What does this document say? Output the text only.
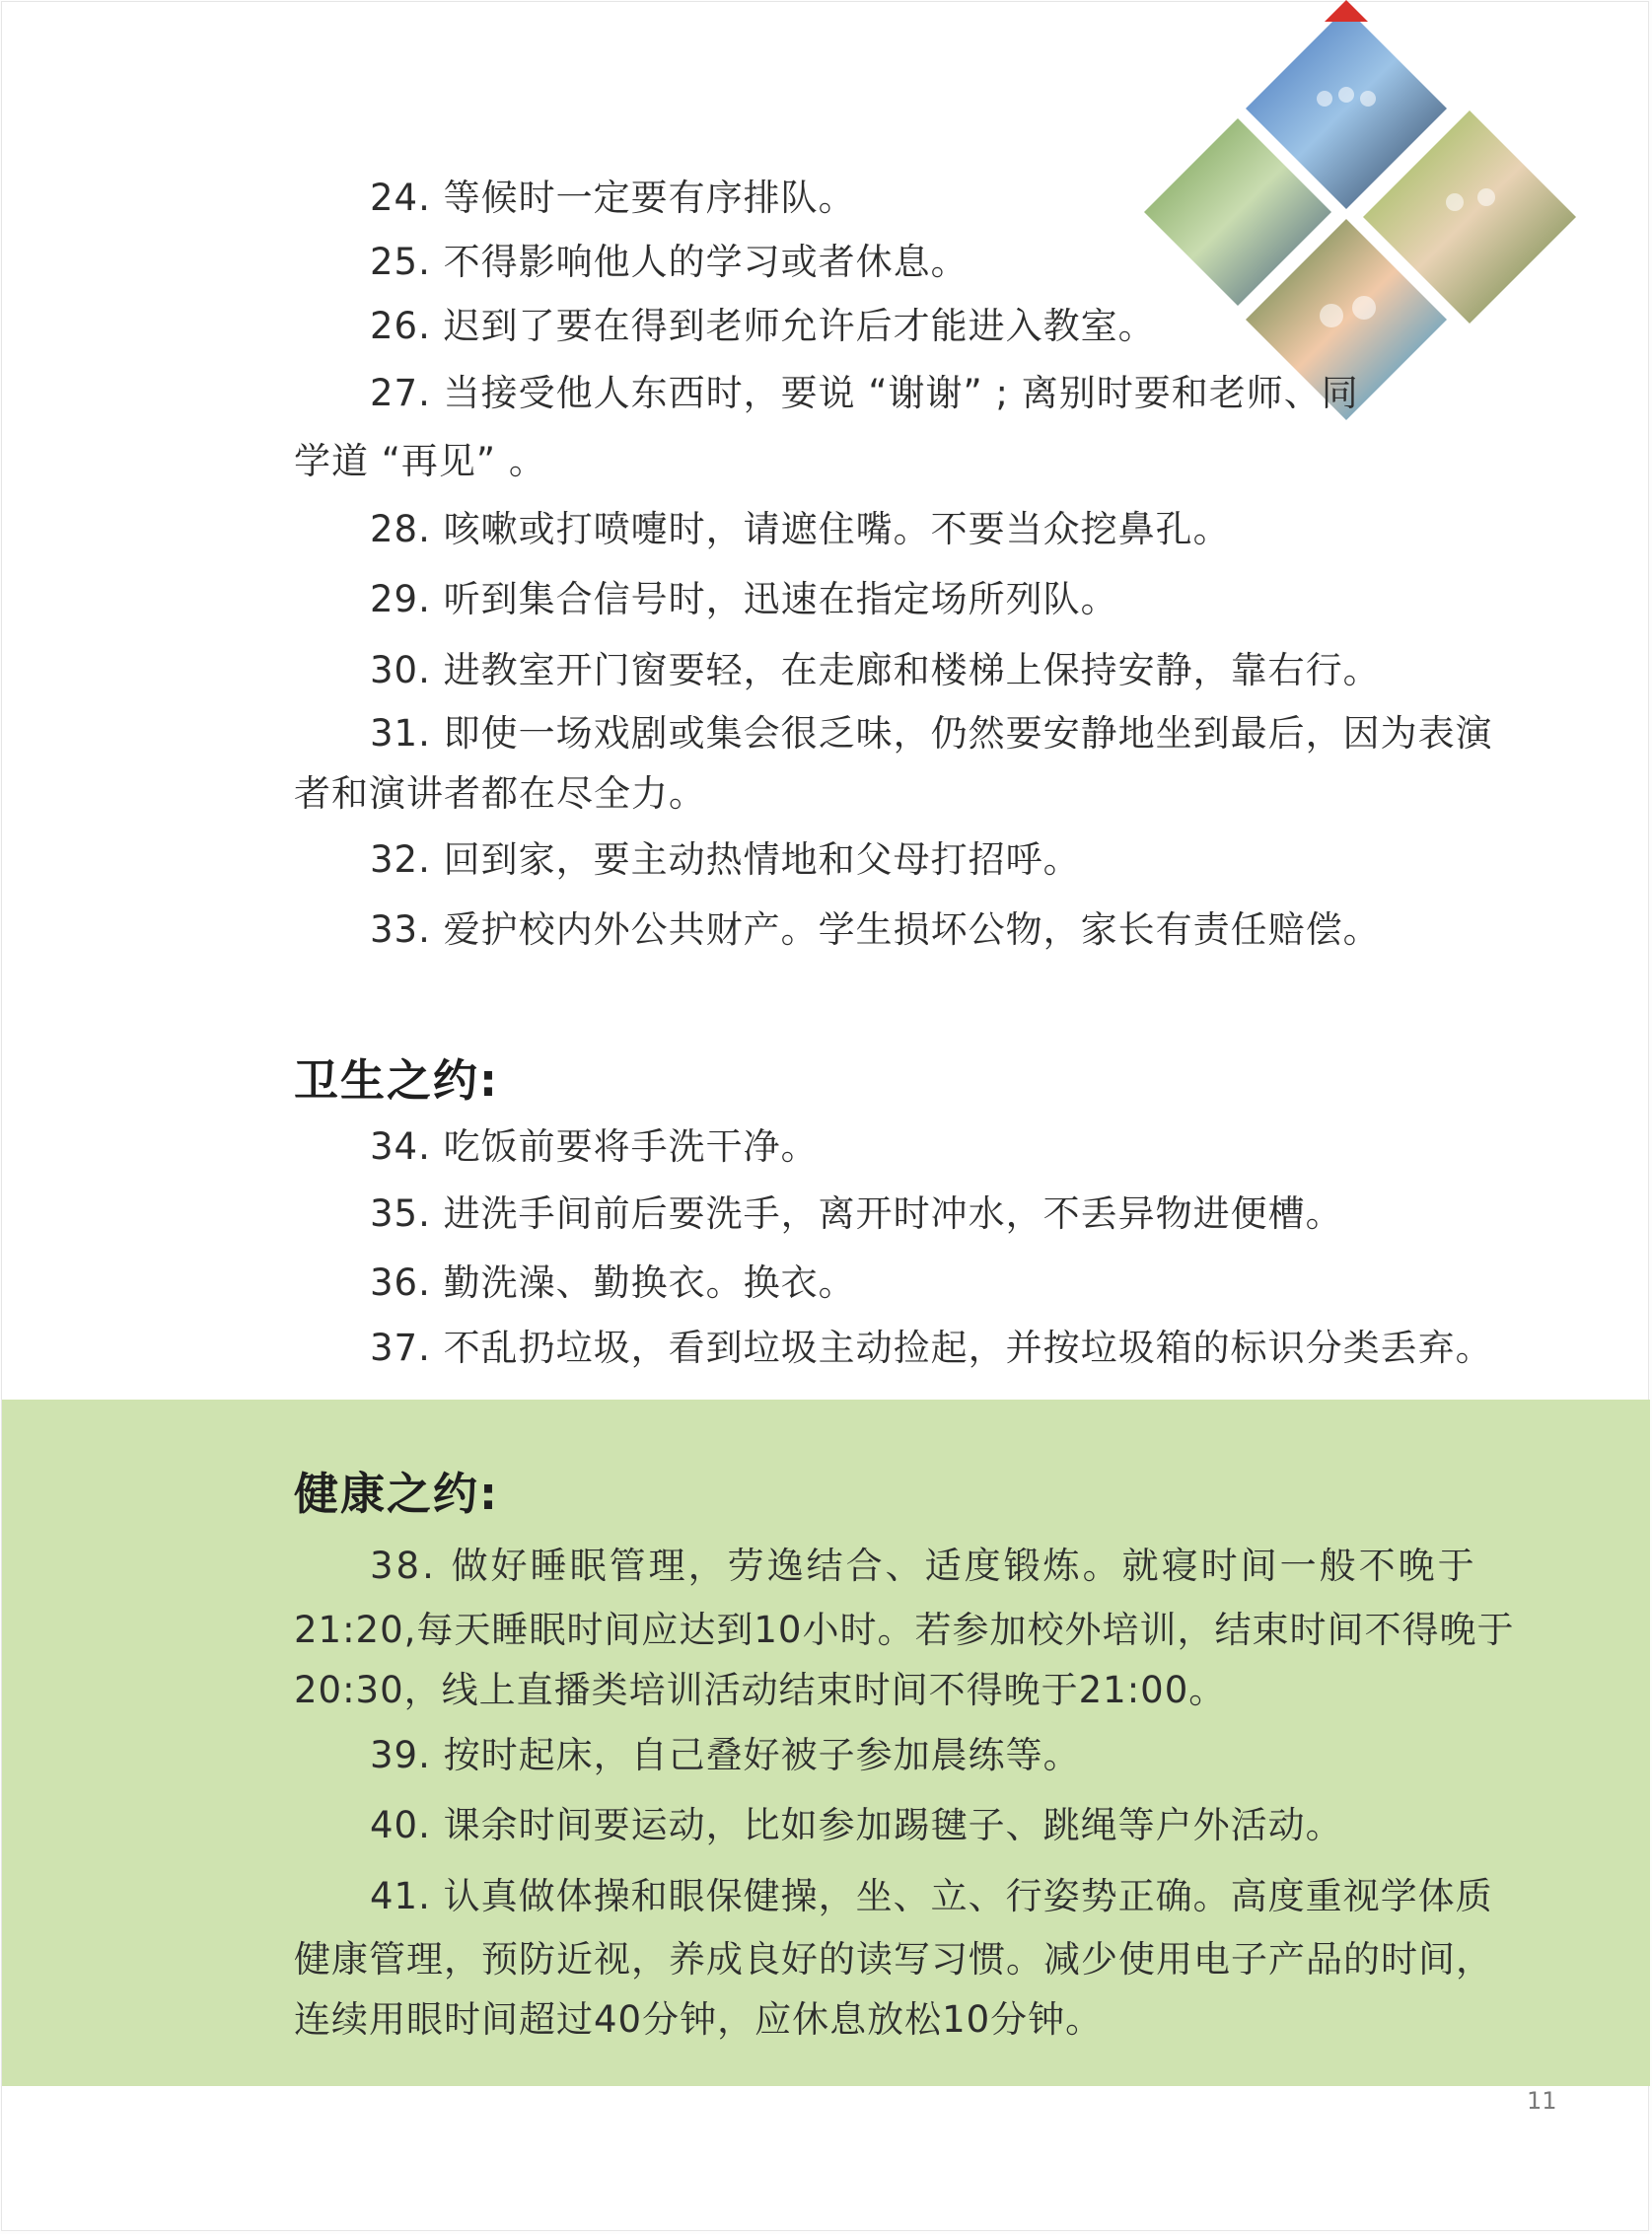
24. 等候时一定要有序排队。
25. 不得影响他人的学习或者休息。
26. 迟到了要在得到老师允许后才能进入教室。
27. 当接受他人东西时，要说 “谢谢” ; 离别时要和老师、同
学道 “再见” 。
28. 咳嗽或打喷嚏时，请遮住嘴。不要当众挖鼻孔。
29. 听到集合信号时，迅速在指定场所列队。
30. 进教室开门窗要轻，在走廊和楼梯上保持安静，靠右行。
31. 即使一场戏剧或集会很乏味，仍然要安静地坐到最后，因为表演
者和演讲者都在尽全力。
32. 回到家，要主动热情地和父母打招呼。
33. 爱护校内外公共财产。学生损坏公物，家长有责任赔偿。
卫生之约:
34. 吃饭前要将手洗干净。
35. 进洗手间前后要洗手，离开时冲水，不丢异物进便槽。
36. 勤洗澡、勤换衣。换衣。
37. 不乱扔垃圾，看到垃圾主动捡起，并按垃圾箱的标识分类丢弃。
健康之约:
38. 做好睡眠管理，劳逸结合、适度锻炼。就寝时间一般不晚于
21:20,每天睡眠时间应达到10小时。若参加校外培训，结束时间不得晚于
20:30，线上直播类培训活动结束时间不得晚于21:00。
39. 按时起床，自己叠好被子参加晨练等。
40. 课余时间要运动，比如参加踢毽子、跳绳等户外活动。
41. 认真做体操和眼保健操，坐、立、行姿势正确。高度重视学体质
健康管理，预防近视，养成良好的读写习惯。减少使用电子产品的时间，
连续用眼时间超过40分钟，应休息放松10分钟。
11
